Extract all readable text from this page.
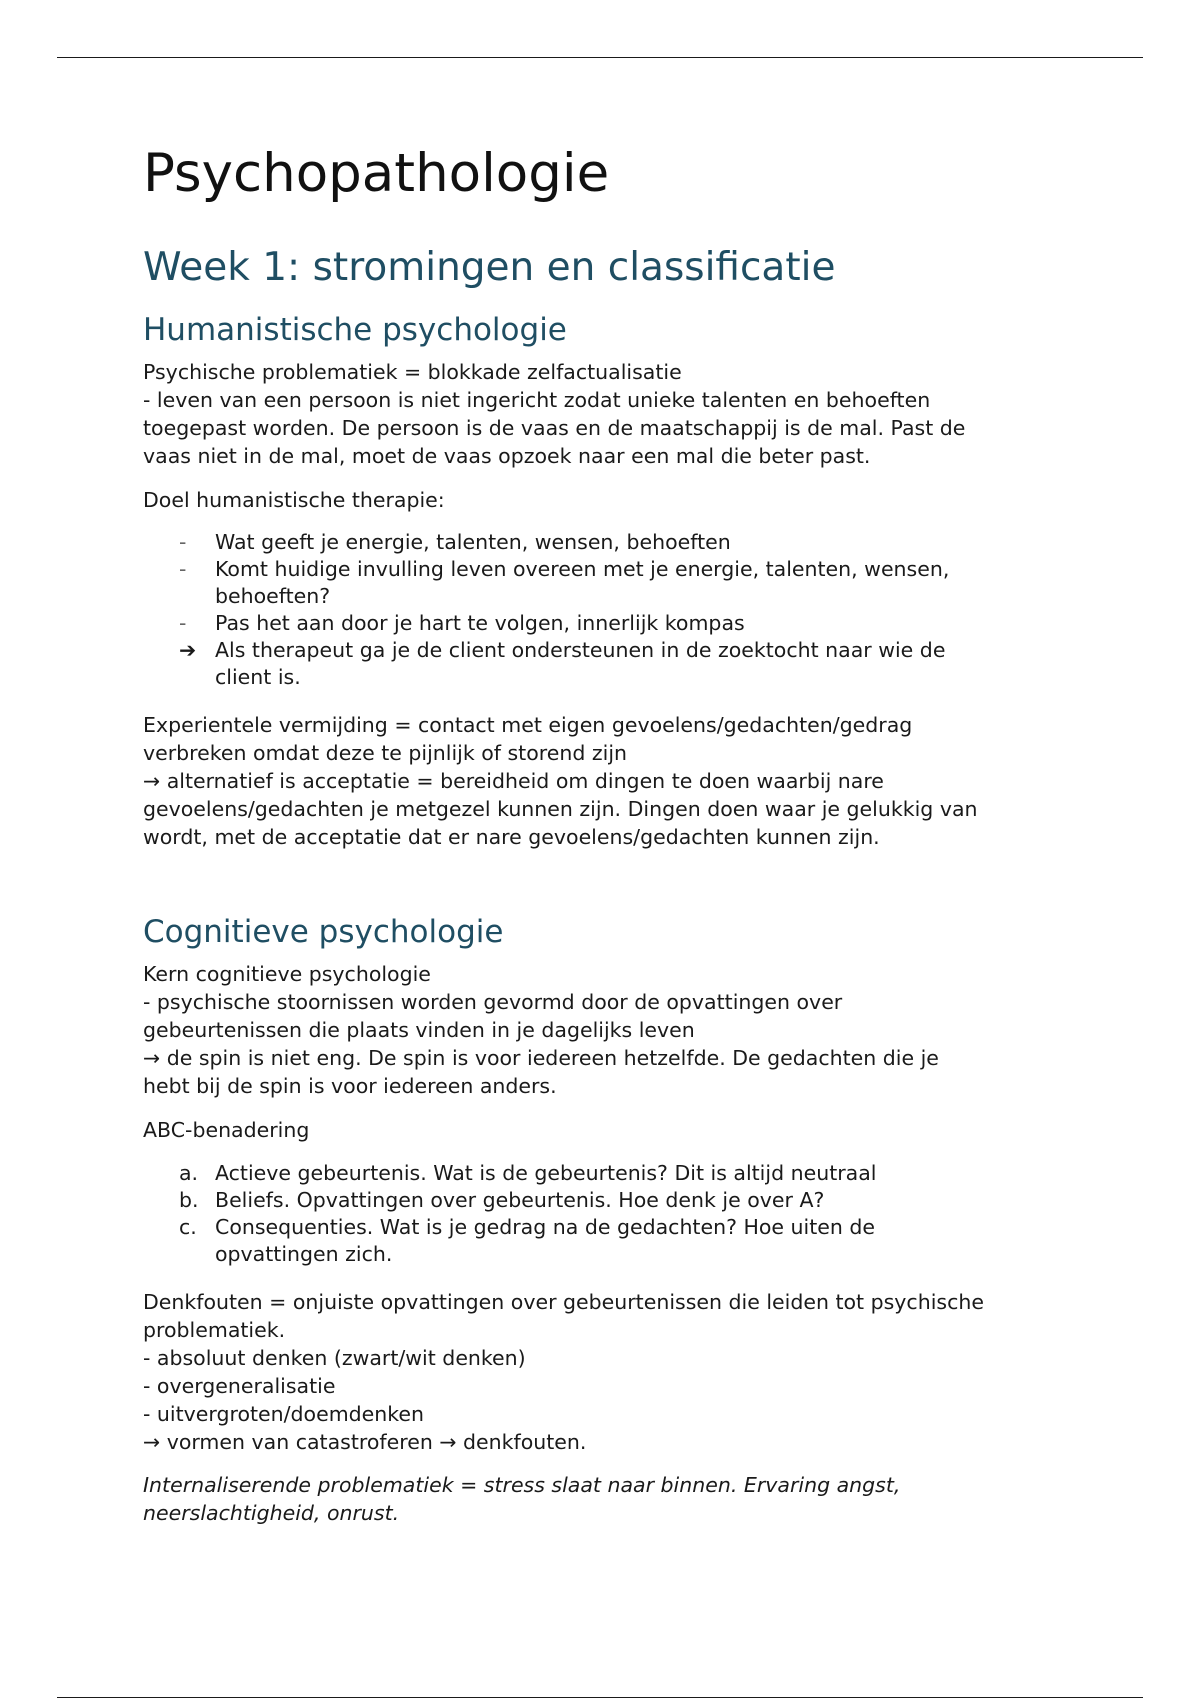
Psychopathologie
Week 1: stromingen en classificatie
Humanistische psychologie

Psychische problematiek = blokkade zelfactualisatie

- leven van een persoon is niet ingericht zodat unieke talenten en behoeften

toegepast worden. De persoon is de vaas en de maatschappij is de mal. Past de

vaas niet in de mal, moet de vaas opzoek naar een mal die beter past.

Doel humanistische therapie:

-	Wat geeft je energie, talenten, wensen, behoeften
-	Komt huidige invulling leven overeen met je energie, talenten, wensen,
behoeften?
-	Pas het aan door je hart te volgen, innerlijk kompas
➔ Als therapeut ga je de client ondersteunen in de zoektocht naar wie de
client is.

Experientele vermijding = contact met eigen gevoelens/gedachten/gedrag

verbreken omdat deze te pijnlijk of storend zijn

→ alternatief is acceptatie = bereidheid om dingen te doen waarbij nare

gevoelens/gedachten je metgezel kunnen zijn. Dingen doen waar je gelukkig van

wordt, met de acceptatie dat er nare gevoelens/gedachten kunnen zijn.

Cognitieve psychologie

Kern cognitieve psychologie

- psychische stoornissen worden gevormd door de opvattingen over

gebeurtenissen die plaats vinden in je dagelijks leven

→ de spin is niet eng. De spin is voor iedereen hetzelfde. De gedachten die je

hebt bij de spin is voor iedereen anders.

ABC-benadering

a. Actieve gebeurtenis. Wat is de gebeurtenis? Dit is altijd neutraal
b. Beliefs. Opvattingen over gebeurtenis. Hoe denk je over A?
c. Consequenties. Wat is je gedrag na de gedachten? Hoe uiten de
opvattingen zich.

Denkfouten = onjuiste opvattingen over gebeurtenissen die leiden tot psychische

problematiek.

- absoluut denken (zwart/wit denken)

- overgeneralisatie

- uitvergroten/doemdenken

→ vormen van catastroferen → denkfouten.

Internaliserende problematiek = stress slaat naar binnen. Ervaring angst,

neerslachtigheid, onrust.
